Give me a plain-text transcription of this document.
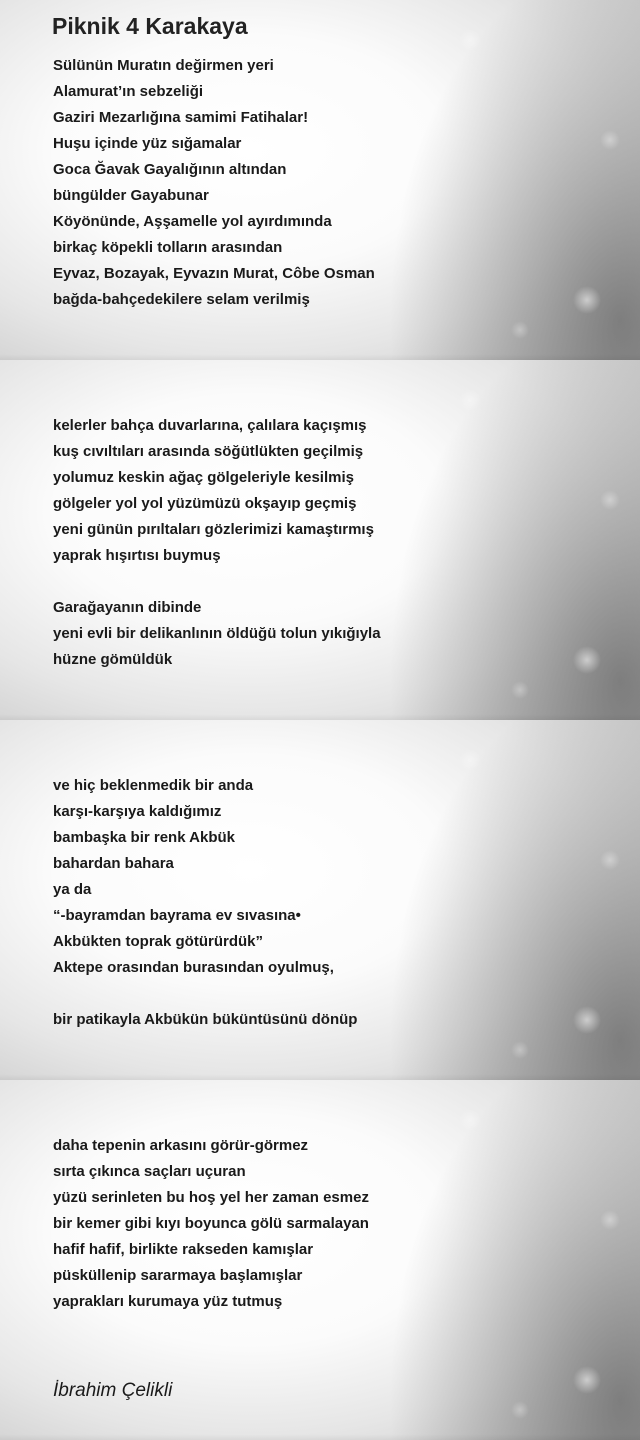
Piknik 4 Karakaya
Sülünün Muratın değirmen yeri
Alamurat’ın sebzeliği
Gaziri Mezarlığına samimi Fatihalar!
Huşu içinde yüz sığamalar
Goca Ğavak Gayalığının altından
büngülder Gayabunar
Köyönünde, Aşşamelle yol ayırdımında
birkaç köpekli tolların arasından
Eyvaz, Bozayak, Eyvazın Murat, Côbe Osman
bağda-bahçedekilere selam verilmiş
kelerler bahça duvarlarına, çalılara kaçışmış
kuş cıvıltıları arasında söğütlükten geçilmiş
yolumuz keskin ağaç gölgeleriyle kesilmiş
gölgeler yol yol yüzümüzü okşayıp geçmiş
yeni günün pırıltaları gözlerimizi kamaştırmış
yaprak hışırtısı buymuş
Garağayanın dibinde
yeni evli bir delikanlının öldüğü tolun yıkığıyla
hüzne gömüldük
ve hiç beklenmedik bir anda
karşı-karşıya kaldığımız
bambaşka bir renk Akbük
bahardan bahara
ya da
“-bayramdan bayrama ev sıvasına•
Akbükten toprak götürürdük”
Aktepe orasından burasından oyulmuş,
bir patikayla Akbükün büküntüsünü dönüp
daha tepenin arkasını görür-görmez
sırta çıkınca saçları uçuran
yüzü serinleten bu hoş yel her zaman esmez
bir kemer gibi kıyı boyunca gölü sarmalayan
hafif hafif, birlikte rakseden kamışlar
püsküllenip sararmaya başlamışlar
yaprakları kurumaya yüz tutmuş
İbrahim Çelikli
